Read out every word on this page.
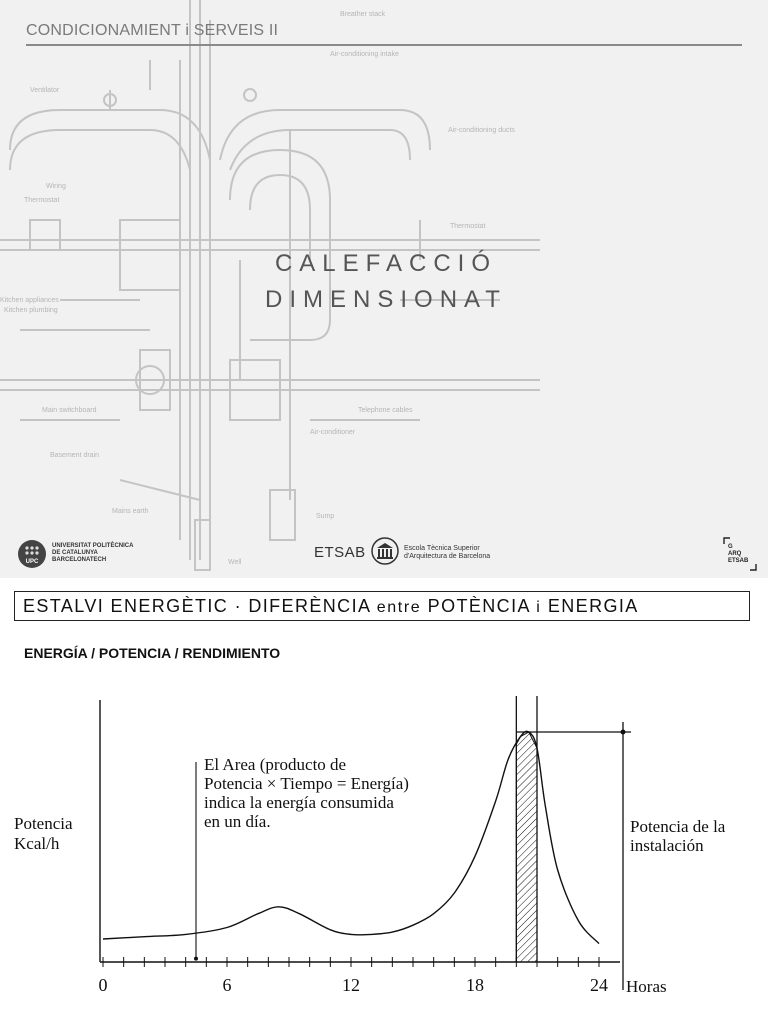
Breather stack
Air-conditioning intake
Ventilator
Air-conditioning ducts
Wiring
Thermostat
Thermostat
Kitchen appliances
Kitchen plumbing
Main switchboard	Telephone cables
Air-conditioner
Basement drain
Mains earth
Sump
Well
CONDICIONAMIENT i SERVEIS II
CALEFACCIÓ
DIMENSIONAT
UPC
UNIVERSITAT POLITÈCNICA
DE CATALUNYA
BARCELONATECH	ETSAB	Escola Tècnica Superior
d'Arquitectura de Barcelona
G
ARQ
ETSAB
ESTALVI ENERGÈTIC · DIFERÈNCIA entre POTÈNCIA i ENERGIA
ENERGÍA / POTENCIA / RENDIMIENTO
Potencia
Kcal/h
El Area (producto de
Potencia × Tiempo = Energía)
indica la energía consumida
en un día.	Potencia de la
instalación
Horas
0	6	12	18	24
